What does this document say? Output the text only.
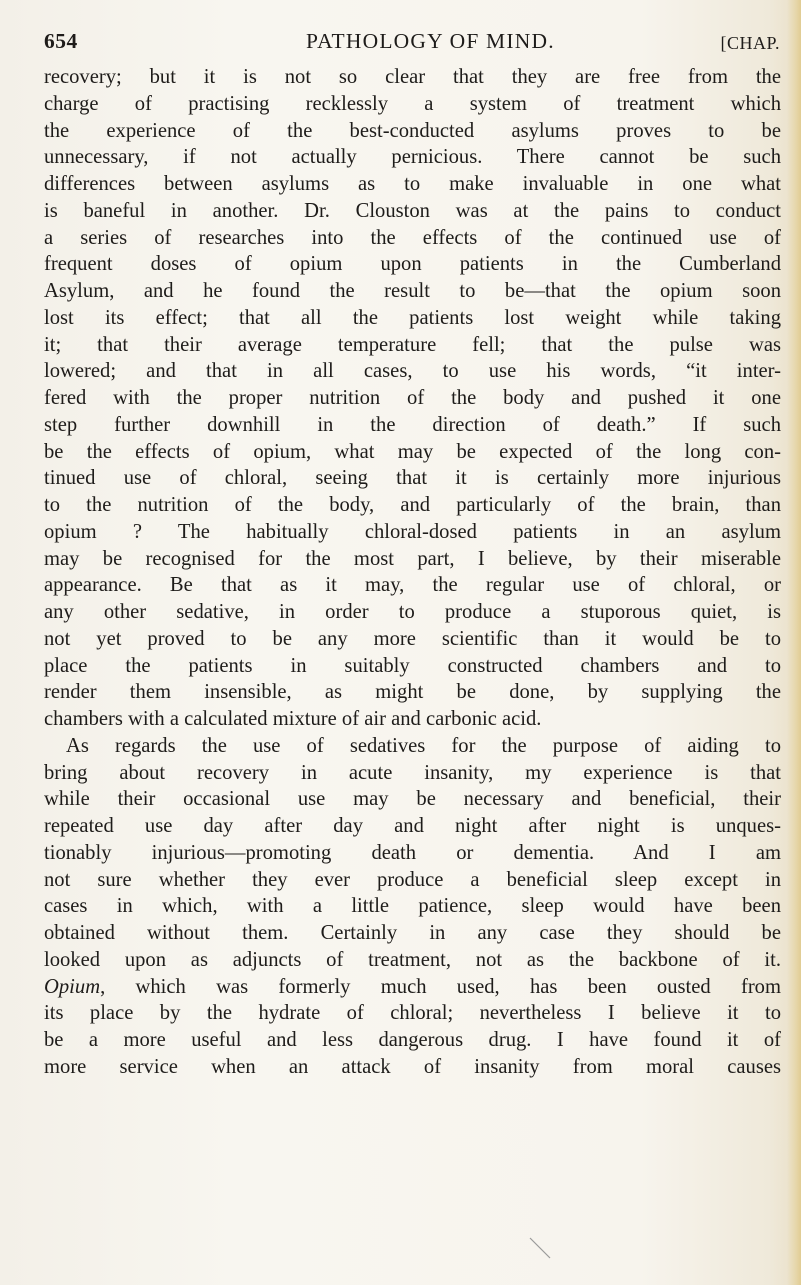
654	PATHOLOGY OF MIND.	[CHAP.
recovery; but it is not so clear that they are free from the
charge of practising recklessly a system of treatment which
the experience of the best-conducted asylums proves to be
unnecessary, if not actually pernicious. There cannot be such
differences between asylums as to make invaluable in one what
is baneful in another. Dr. Clouston was at the pains to conduct
a series of researches into the effects of the continued use of
frequent doses of opium upon patients in the Cumberland
Asylum, and he found the result to be—that the opium soon
lost its effect; that all the patients lost weight while taking
it; that their average temperature fell; that the pulse was
lowered; and that in all cases, to use his words, “it inter-
fered with the proper nutrition of the body and pushed it one
step further downhill in the direction of death.” If such
be the effects of opium, what may be expected of the long con-
tinued use of chloral, seeing that it is certainly more injurious
to the nutrition of the body, and particularly of the brain, than
opium ? The habitually chloral-dosed patients in an asylum
may be recognised for the most part, I believe, by their miserable
appearance. Be that as it may, the regular use of chloral, or
any other sedative, in order to produce a stuporous quiet, is
not yet proved to be any more scientific than it would be to
place the patients in suitably constructed chambers and to
render them insensible, as might be done, by supplying the
chambers with a calculated mixture of air and carbonic acid.
As regards the use of sedatives for the purpose of aiding to
bring about recovery in acute insanity, my experience is that
while their occasional use may be necessary and beneficial, their
repeated use day after day and night after night is unques-
tionably injurious—promoting death or dementia. And I am
not sure whether they ever produce a beneficial sleep except in
cases in which, with a little patience, sleep would have been
obtained without them. Certainly in any case they should be
looked upon as adjuncts of treatment, not as the backbone of it.
Opium, which was formerly much used, has been ousted from
its place by the hydrate of chloral; nevertheless I believe it to
be a more useful and less dangerous drug. I have found it of
more service when an attack of insanity from moral causes
